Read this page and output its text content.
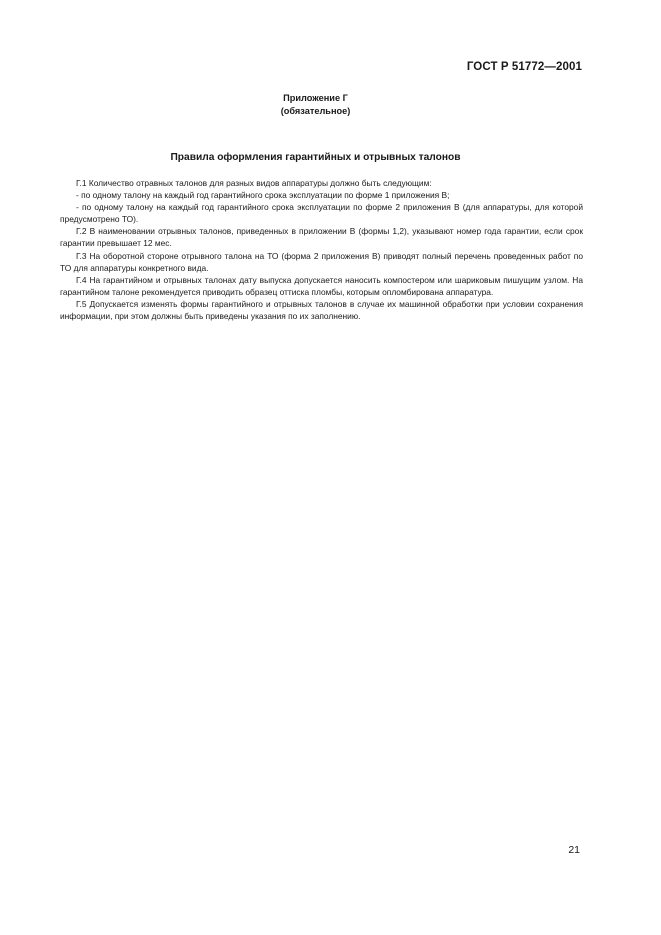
ГОСТ Р 51772—2001
Приложение Г
(обязательное)
Правила оформления гарантийных и отрывных талонов

Г.1 Количество отравных талонов для разных видов аппаратуры должно быть следующим:

- по одному талону на каждый год гарантийного срока эксплуатации по форме 1 приложения В;

- по одному талону на каждый год гарантийного срока эксплуатации по форме 2 приложения В (для аппаратуры, для которой предусмотрено ТО).

Г.2 В наименовании отрывных талонов, приведенных в приложении В (формы 1,2), указывают номер года гарантии, если срок гарантии превышает 12 мес.

Г.3 На оборотной стороне отрывного талона на ТО (форма 2 приложения В) приводят полный перечень проведенных работ по ТО для аппаратуры конкретного вида.

Г.4 На гарантийном и отрывных талонах дату выпуска допускается наносить компостером или шариковым пишущим узлом. На гарантийном талоне рекомендуется приводить образец оттиска пломбы, которым опломбирована аппаратура.

Г.5 Допускается изменять формы гарантийного и отрывных талонов в случае их машинной обработки при условии сохранения информации, при этом должны быть приведены указания по их заполнению.

21
